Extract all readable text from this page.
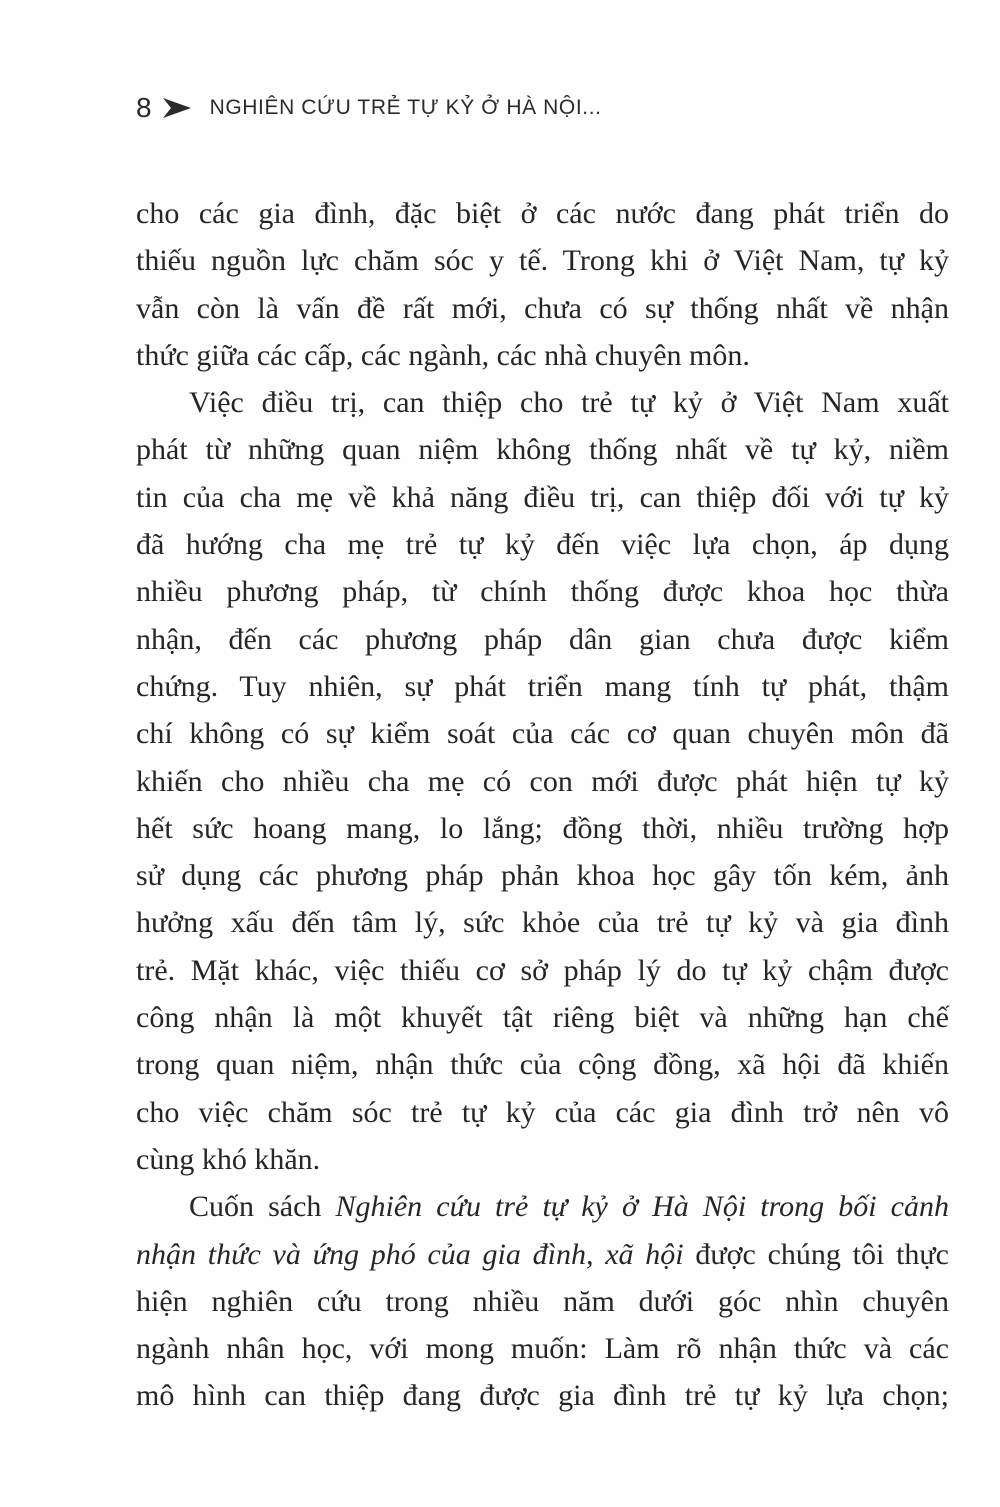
8	NGHIÊN CỨU TRẺ TỰ KỶ Ở HÀ NỘI...

cho các gia đình, đặc biệt ở các nước đang phát triển do
thiếu nguồn lực chăm sóc y tế. Trong khi ở Việt Nam, tự kỷ
vẫn còn là vấn đề rất mới, chưa có sự thống nhất về nhận
thức giữa các cấp, các ngành, các nhà chuyên môn.

Việc điều trị, can thiệp cho trẻ tự kỷ ở Việt Nam xuất
phát từ những quan niệm không thống nhất về tự kỷ, niềm
tin của cha mẹ về khả năng điều trị, can thiệp đối với tự kỷ
đã hướng cha mẹ trẻ tự kỷ đến việc lựa chọn, áp dụng
nhiều phương pháp, từ chính thống được khoa học thừa
nhận, đến các phương pháp dân gian chưa được kiểm
chứng. Tuy nhiên, sự phát triển mang tính tự phát, thậm
chí không có sự kiểm soát của các cơ quan chuyên môn đã
khiến cho nhiều cha mẹ có con mới được phát hiện tự kỷ
hết sức hoang mang, lo lắng; đồng thời, nhiều trường hợp
sử dụng các phương pháp phản khoa học gây tốn kém, ảnh
hưởng xấu đến tâm lý, sức khỏe của trẻ tự kỷ và gia đình
trẻ. Mặt khác, việc thiếu cơ sở pháp lý do tự kỷ chậm được
công nhận là một khuyết tật riêng biệt và những hạn chế
trong quan niệm, nhận thức của cộng đồng, xã hội đã khiến
cho việc chăm sóc trẻ tự kỷ của các gia đình trở nên vô
cùng khó khăn.

Cuốn sách Nghiên cứu trẻ tự kỷ ở Hà Nội trong bối cảnh
nhận thức và ứng phó của gia đình, xã hội được chúng tôi thực
hiện nghiên cứu trong nhiều năm dưới góc nhìn chuyên
ngành nhân học, với mong muốn: Làm rõ nhận thức và các
mô hình can thiệp đang được gia đình trẻ tự kỷ lựa chọn;
